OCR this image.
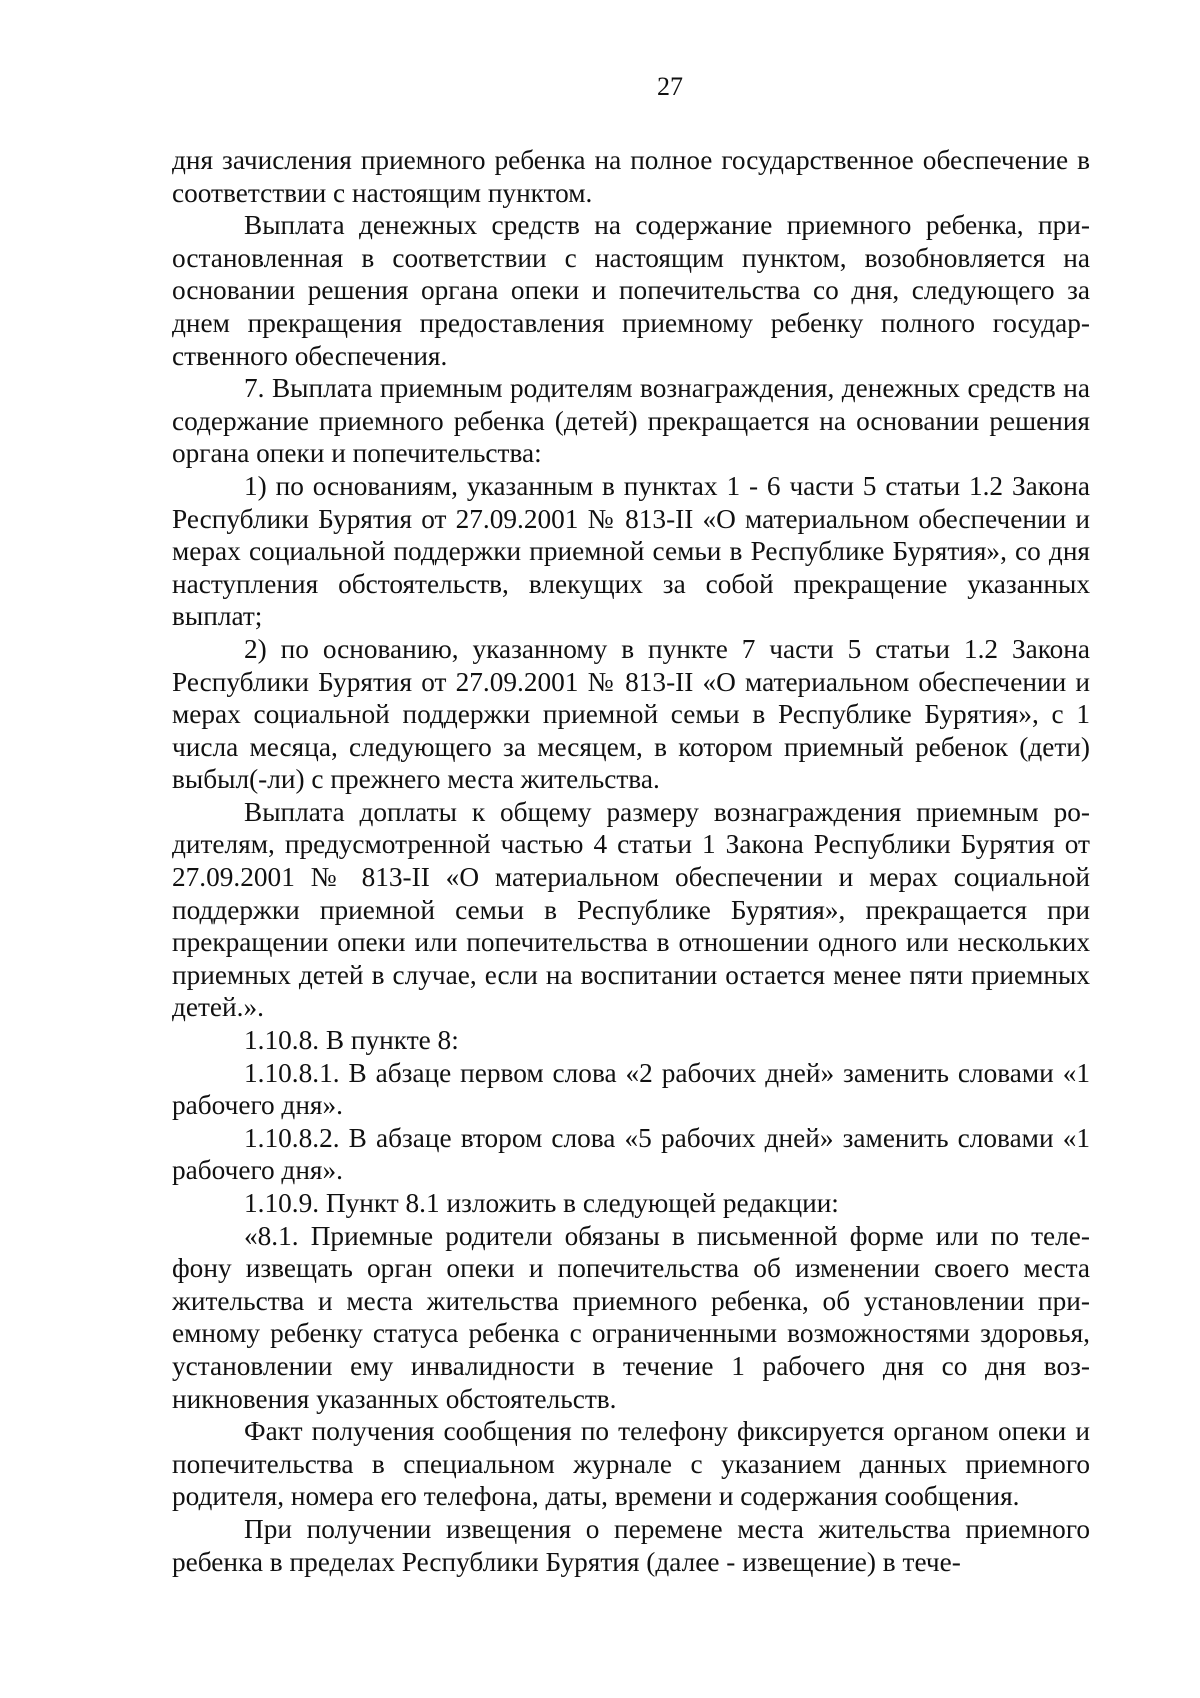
27

дня зачисления приемного ребенка на полное государственное обеспечение в соответствии с настоящим пунктом.

Выплата денежных средств на содержание приемного ребенка, приостановленная в соответствии с настоящим пунктом, возобновляется на основании решения органа опеки и попечительства со дня, следующего за днем прекращения предоставления приемному ребенку полного государственного обеспечения.

7. Выплата приемным родителям вознаграждения, денежных средств на содержание приемного ребенка (детей) прекращается на основании решения органа опеки и попечительства:

1) по основаниям, указанным в пунктах 1 - 6 части 5 статьи 1.2 Закона Республики Бурятия от 27.09.2001 № 813-II «О материальном обеспечении и мерах социальной поддержки приемной семьи в Республике Бурятия», со дня наступления обстоятельств, влекущих за собой прекращение указанных выплат;

2) по основанию, указанному в пункте 7 части 5 статьи 1.2 Закона Республики Бурятия от 27.09.2001 № 813-II «О материальном обеспечении и мерах социальной поддержки приемной семьи в Республике Бурятия», с 1 числа месяца, следующего за месяцем, в котором приемный ребенок (дети) выбыл(-ли) с прежнего места жительства.

Выплата доплаты к общему размеру вознаграждения приемным родителям, предусмотренной частью 4 статьи 1 Закона Республики Бурятия от 27.09.2001 № 813-II «О материальном обеспечении и мерах социальной поддержки приемной семьи в Республике Бурятия», прекращается при прекращении опеки или попечительства в отношении одного или нескольких приемных детей в случае, если на воспитании остается менее пяти приемных детей.».

1.10.8. В пункте 8:

1.10.8.1. В абзаце первом слова «2 рабочих дней» заменить словами «1 рабочего дня».

1.10.8.2. В абзаце втором слова «5 рабочих дней» заменить словами «1 рабочего дня».

1.10.9. Пункт 8.1 изложить в следующей редакции:

«8.1. Приемные родители обязаны в письменной форме или по телефону извещать орган опеки и попечительства об изменении своего места жительства и места жительства приемного ребенка, об установлении приемному ребенку статуса ребенка с ограниченными возможностями здоровья, установлении ему инвалидности в течение 1 рабочего дня со дня возникновения указанных обстоятельств.

Факт получения сообщения по телефону фиксируется органом опеки и попечительства в специальном журнале с указанием данных приемного родителя, номера его телефона, даты, времени и содержания сообщения.

При получении извещения о перемене места жительства приемного ребенка в пределах Республики Бурятия (далее - извещение) в тече-
